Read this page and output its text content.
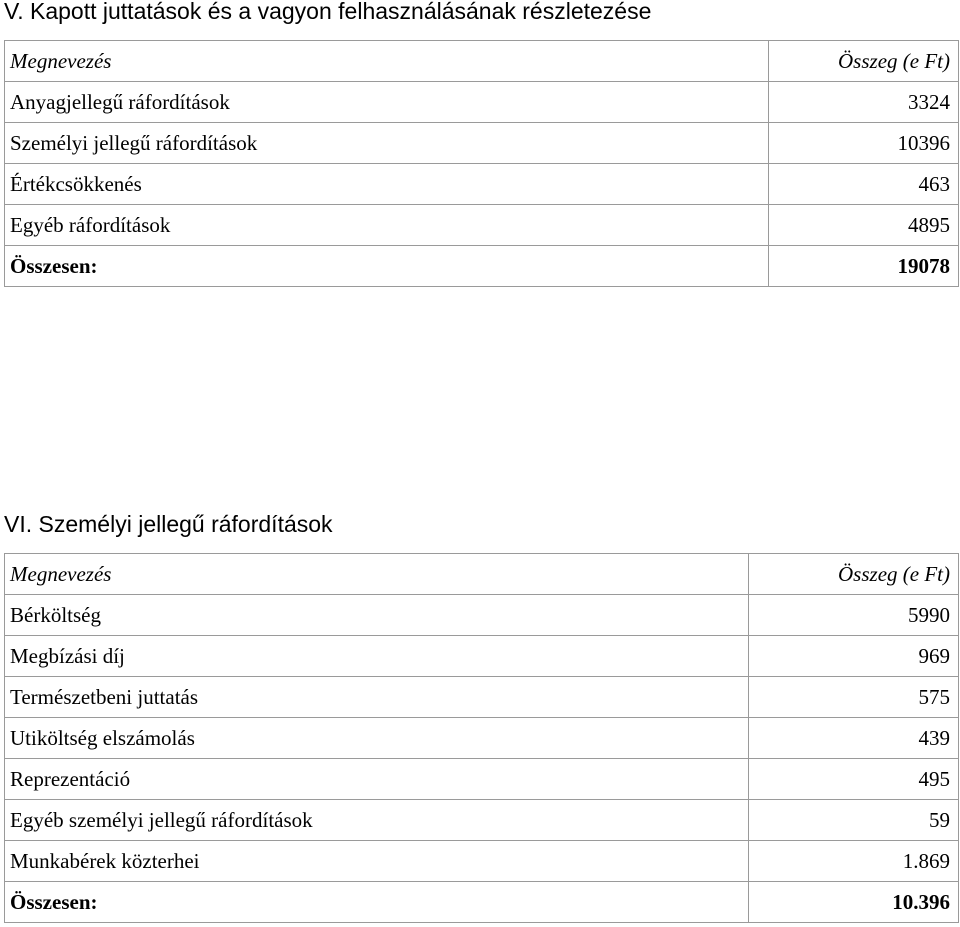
V. Kapott juttatások és a vagyon felhasználásának részletezése
Megnevezés	Összeg (e Ft)
Anyagjellegű ráfordítások	3324
Személyi jellegű ráfordítások	10396
Értékcsökkenés	463
Egyéb ráfordítások	4895
Összesen:	19078
VI. Személyi jellegű ráfordítások
Megnevezés	Összeg (e Ft)
Bérköltség	5990
Megbízási díj	969
Természetbeni juttatás	575
Utiköltség elszámolás	439
Reprezentáció	495
Egyéb személyi jellegű ráfordítások	59
Munkabérek közterhei	1.869
Összesen:	10.396
